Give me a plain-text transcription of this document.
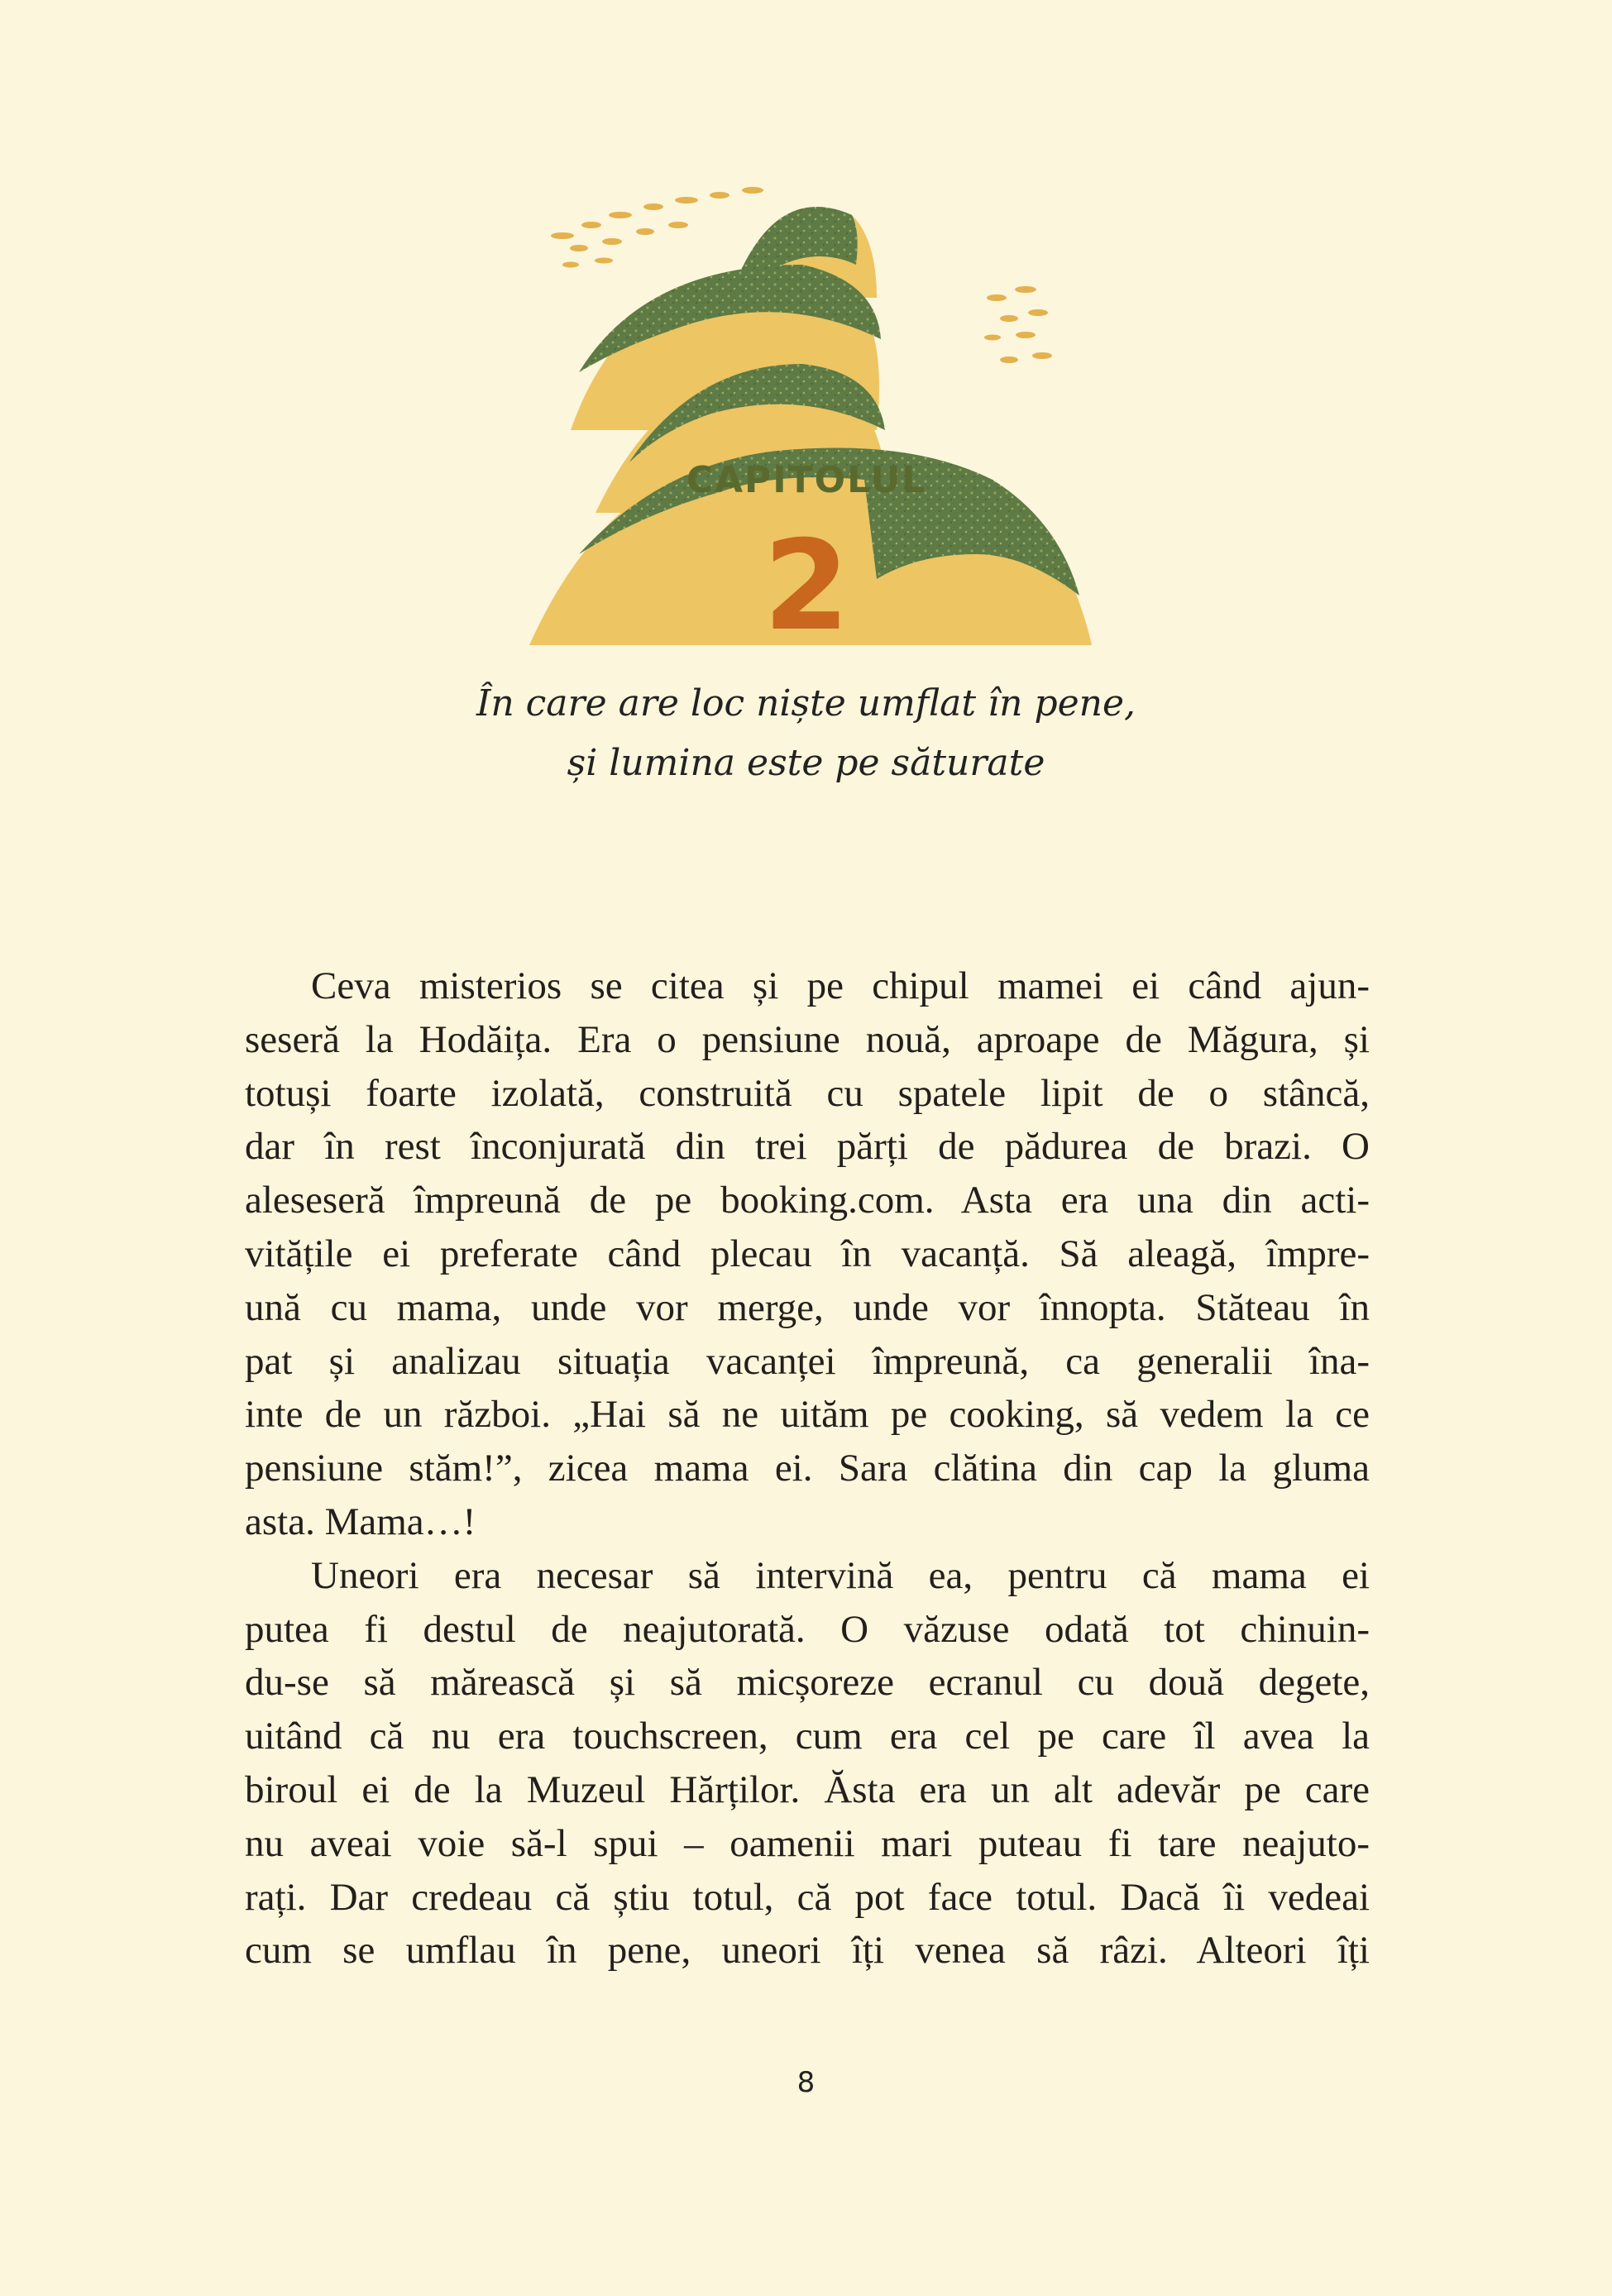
CAPITOLUL
2
În care are loc niște umflat în pene,
și lumina este pe săturate
Ceva misterios se citea și pe chipul mamei ei când ajun-
seseră la Hodăița. Era o pensiune nouă, aproape de Măgura, și
totuși foarte izolată, construită cu spatele lipit de o stâncă,
dar în rest înconjurată din trei părți de pădurea de brazi. O
aleseseră împreună de pe booking.com. Asta era una din acti-
vitățile ei preferate când plecau în vacanță. Să aleagă, împre-
ună cu mama, unde vor merge, unde vor înnopta. Stăteau în
pat și analizau situația vacanței împreună, ca generalii îna-
inte de un război. „Hai să ne uităm pe cooking, să vedem la ce
pensiune stăm!”, zicea mama ei. Sara clătina din cap la gluma
asta. Mama…!
Uneori era necesar să intervină ea, pentru că mama ei
putea fi destul de neajutorată. O văzuse odată tot chinuin-
du-se să mărească și să micșoreze ecranul cu două degete,
uitând că nu era touchscreen, cum era cel pe care îl avea la
biroul ei de la Muzeul Hărților. Ăsta era un alt adevăr pe care
nu aveai voie să-l spui – oamenii mari puteau fi tare neajuto-
rați. Dar credeau că știu totul, că pot face totul. Dacă îi vedeai
cum se umflau în pene, uneori îți venea să râzi. Alteori îți
8
